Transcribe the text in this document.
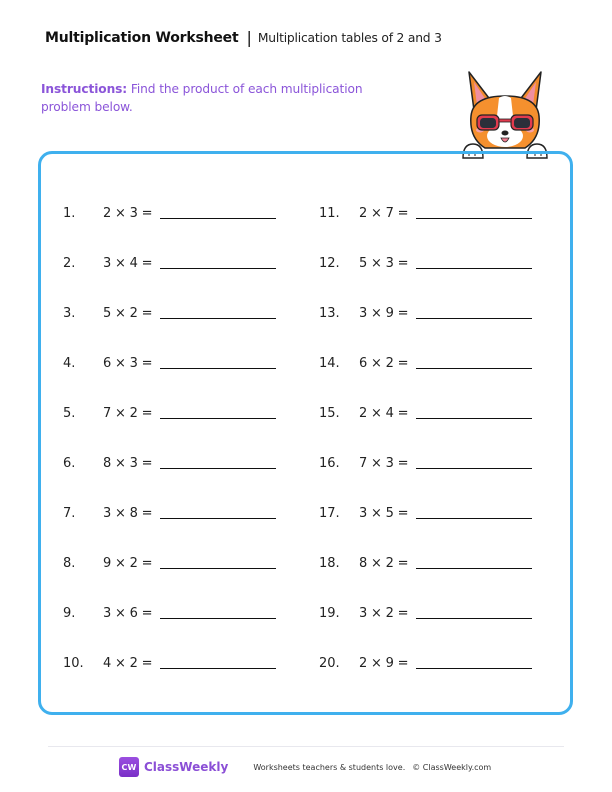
Multiplication Worksheet | Multiplication tables of 2 and 3
Instructions: Find the product of each multiplication problem below.
1.	2 × 3 =
2.	3 × 4 =
3.	5 × 2 =
4.	6 × 3 =
5.	7 × 2 =
6.	8 × 3 =
7.	3 × 8 =
8.	9 × 2 =
9.	3 × 6 =
10.	4 × 2 =
11.	2 × 7 =
12.	5 × 3 =
13.	3 × 9 =
14.	6 × 2 =
15.	2 × 4 =
16.	7 × 3 =
17.	3 × 5 =
18.	8 × 2 =
19.	3 × 2 =
20.	2 × 9 =
CW ClassWeekly	Worksheets teachers & students love. © ClassWeekly.com
